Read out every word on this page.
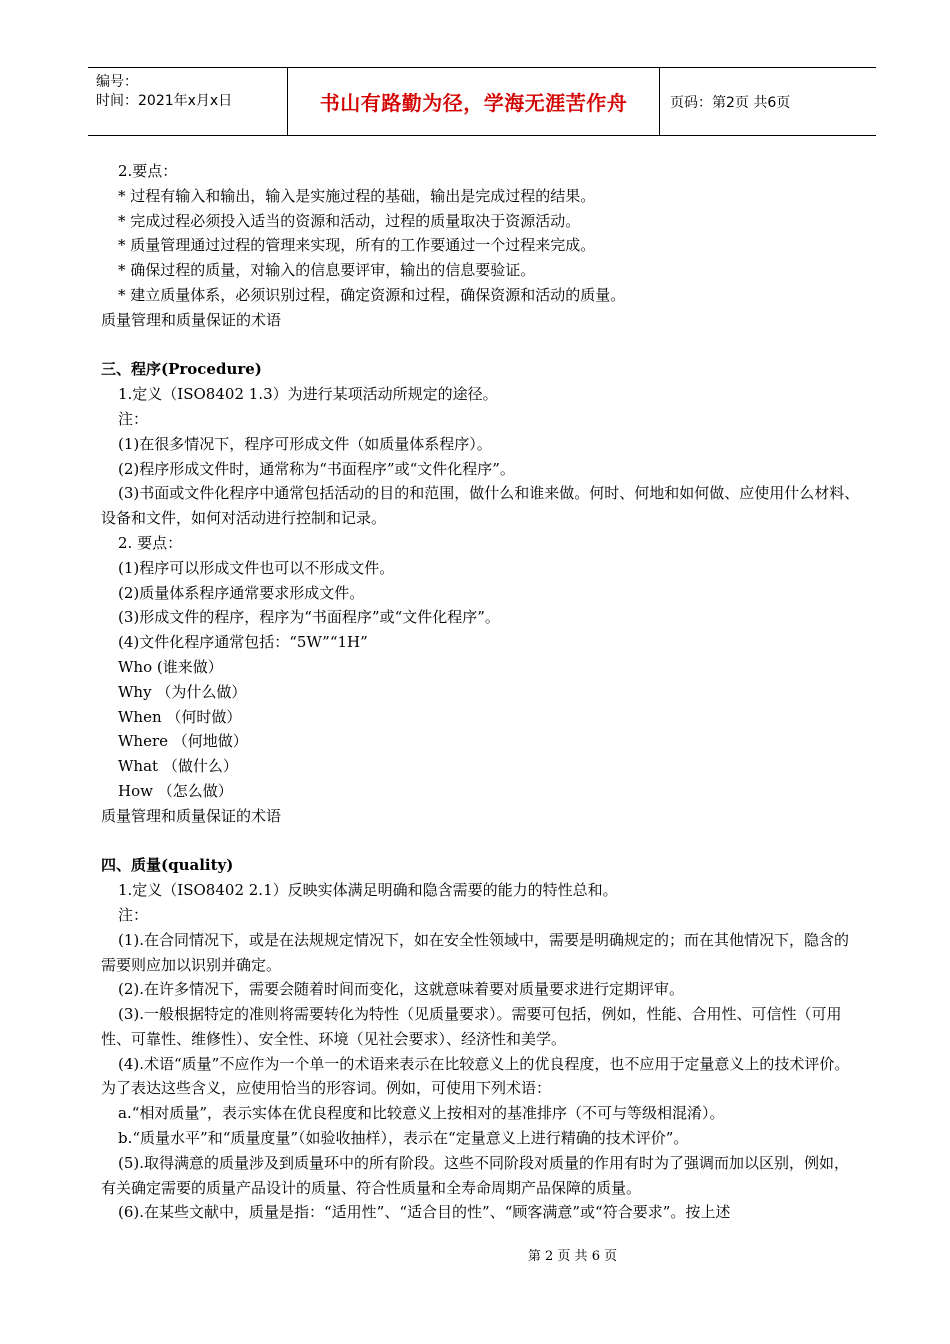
编号：
时间：2021年x月x日	书山有路勤为径，学海无涯苦作舟	页码：第2页 共6页

2.要点：

* 过程有输入和输出，输入是实施过程的基础，输出是完成过程的结果。

* 完成过程必须投入适当的资源和活动，过程的质量取决于资源活动。

* 质量管理通过过程的管理来实现，所有的工作要通过一个过程来完成。

* 确保过程的质量，对输入的信息要评审，输出的信息要验证。

* 建立质量体系，必须识别过程，确定资源和过程，确保资源和活动的质量。

质量管理和质量保证的术语

三、程序(Procedure)

1.定义（ISO8402 1.3）为进行某项活动所规定的途径。

注：

(1)在很多情况下，程序可形成文件（如质量体系程序）。

(2)程序形成文件时，通常称为“书面程序”或“文件化程序”。

(3)书面或文件化程序中通常包括活动的目的和范围，做什么和谁来做。何时、何地和如何做、应使用什么材料、设备和文件，如何对活动进行控制和记录。

2. 要点：

(1)程序可以形成文件也可以不形成文件。

(2)质量体系程序通常要求形成文件。

(3)形成文件的程序，程序为“书面程序”或“文件化程序”。

(4)文件化程序通常包括：“5W”“1H”

Who (谁来做）

Why （为什么做）

When （何时做）

Where （何地做）

What （做什么）

How （怎么做）

质量管理和质量保证的术语

四、质量(quality)

1.定义（ISO8402 2.1）反映实体满足明确和隐含需要的能力的特性总和。

注：

(1).在合同情况下，或是在法规规定情况下，如在安全性领域中，需要是明确规定的；而在其他情况下，隐含的需要则应加以识别并确定。

(2).在许多情况下，需要会随着时间而变化，这就意味着要对质量要求进行定期评审。

(3).一般根据特定的准则将需要转化为特性（见质量要求）。需要可包括，例如，性能、合用性、可信性（可用性、可靠性、维修性）、安全性、环境（见社会要求）、经济性和美学。

(4).术语“质量”不应作为一个单一的术语来表示在比较意义上的优良程度，也不应用于定量意义上的技术评价。为了表达这些含义，应使用恰当的形容词。例如，可使用下列术语：

a.“相对质量”，表示实体在优良程度和比较意义上按相对的基准排序（不可与等级相混淆）。

b.“质量水平”和“质量度量”（如验收抽样），表示在“定量意义上进行精确的技术评价”。

(5).取得满意的质量涉及到质量环中的所有阶段。这些不同阶段对质量的作用有时为了强调而加以区别，例如，有关确定需要的质量产品设计的质量、符合性质量和全寿命周期产品保障的质量。

(6).在某些文献中，质量是指：“适用性”、“适合目的性”、“顾客满意”或“符合要求”。按上述

第 2 页 共 6 页
